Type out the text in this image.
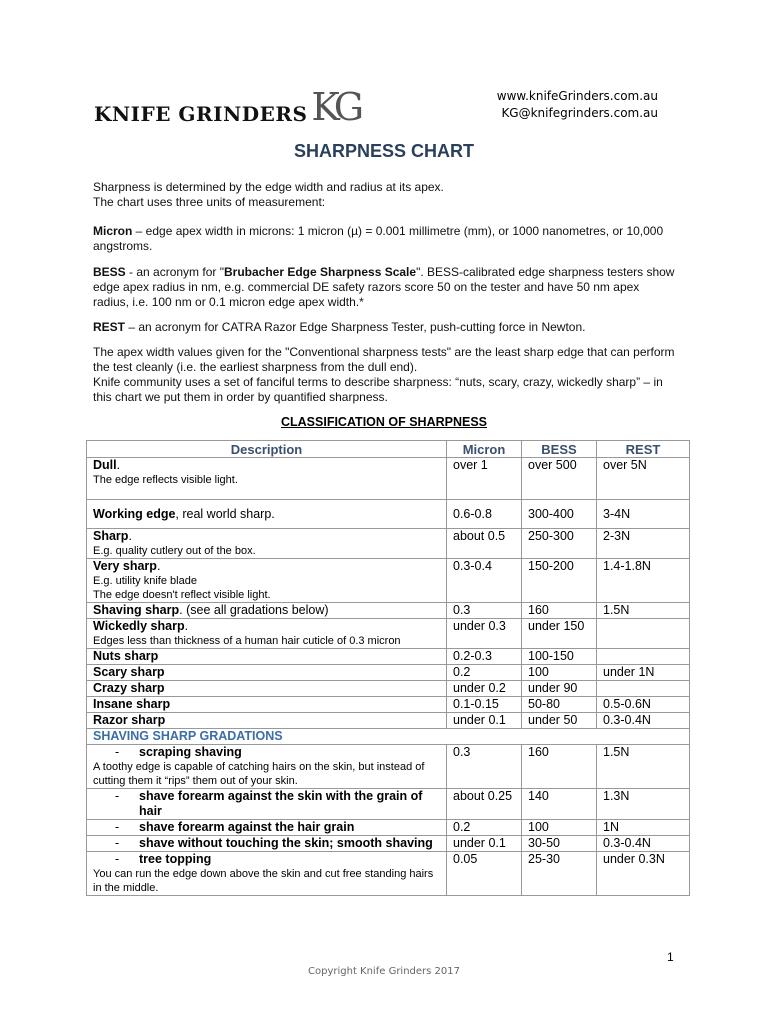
KNIFE GRINDERS KG	www.knifeGrinders.com.au
KG@knifegrinders.com.au
SHARPNESS CHART

Sharpness is determined by the edge width and radius at its apex.

The chart uses three units of measurement:

Micron – edge apex width in microns: 1 micron (µ) = 0.001 millimetre (mm), or 1000 nanometres, or 10,000 angstroms.

BESS - an acronym for "Brubacher Edge Sharpness Scale". BESS-calibrated edge sharpness testers show edge apex radius in nm, e.g. commercial DE safety razors score 50 on the tester and have 50 nm apex radius, i.e. 100 nm or 0.1 micron edge apex width.*

REST – an acronym for CATRA Razor Edge Sharpness Tester, push-cutting force in Newton.

The apex width values given for the "Conventional sharpness tests" are the least sharp edge that can perform the test cleanly (i.e. the earliest sharpness from the dull end).

Knife community uses a set of fanciful terms to describe sharpness: “nuts, scary, crazy, wickedly sharp” – in this chart we put them in order by quantified sharpness.

CLASSIFICATION OF SHARPNESS
Description	Micron	BESS	REST
Dull.
The edge reflects visible light.	over 1	over 500	over 5N
Working edge, real world sharp.	0.6-0.8	300-400	3-4N
Sharp.
E.g. quality cutlery out of the box.	about 0.5	250-300	2-3N
Very sharp.
E.g. utility knife blade
The edge doesn't reflect visible light.	0.3-0.4	150-200	1.4-1.8N
Shaving sharp. (see all gradations below)	0.3	160	1.5N
Wickedly sharp.
Edges less than thickness of a human hair cuticle of 0.3 micron	under 0.3	under 150	
Nuts sharp	0.2-0.3	100-150	
Scary sharp	0.2	100	under 1N
Crazy sharp	under 0.2	under 90	
Insane sharp	0.1-0.15	50-80	0.5-0.6N
Razor sharp	under 0.1	under 50	0.3-0.4N
SHAVING SHARP GRADATIONS			

- scraping shaving
A toothy edge is capable of catching hairs on the skin, but instead of cutting them it “rips” them out of your skin.	0.3	160	1.5N

- shave forearm against the skin with the grain of hair	about 0.25	140	1.3N

- shave forearm against the hair grain	0.2	100	1N

- shave without touching the skin; smooth shaving	under 0.1	30-50	0.3-0.4N

- tree topping
You can run the edge down above the skin and cut free standing hairs in the middle.	0.05	25-30	under 0.3N
1
Copyright Knife Grinders 2017
